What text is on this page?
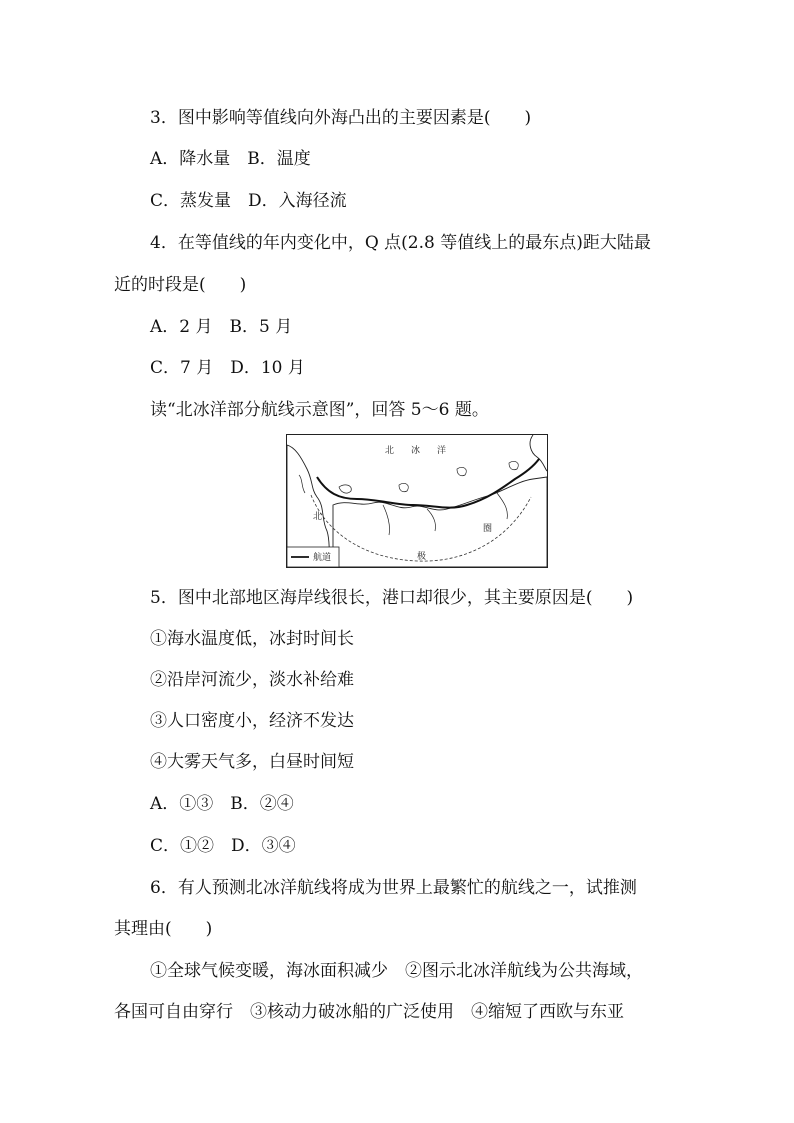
3．图中影响等值线向外海凸出的主要因素是(　　)
A．降水量　B．温度
C．蒸发量　D．入海径流
4．在等值线的年内变化中，Q 点(2.8 等值线上的最东点)距大陆最
近的时段是(　　)
A．2 月　B．5 月
C．7 月　D．10 月
读“北冰洋部分航线示意图”，回答 5～6 题。
北 冰 洋
北
圈
极
航道
5．图中北部地区海岸线很长，港口却很少，其主要原因是(　　)
①海水温度低，冰封时间长
②沿岸河流少，淡水补给难
③人口密度小，经济不发达
④大雾天气多，白昼时间短
A．①③　B．②④
C．①②　D．③④
6．有人预测北冰洋航线将成为世界上最繁忙的航线之一，试推测
其理由(　　)
①全球气候变暖，海冰面积减少　②图示北冰洋航线为公共海域，
各国可自由穿行　③核动力破冰船的广泛使用　④缩短了西欧与东亚
